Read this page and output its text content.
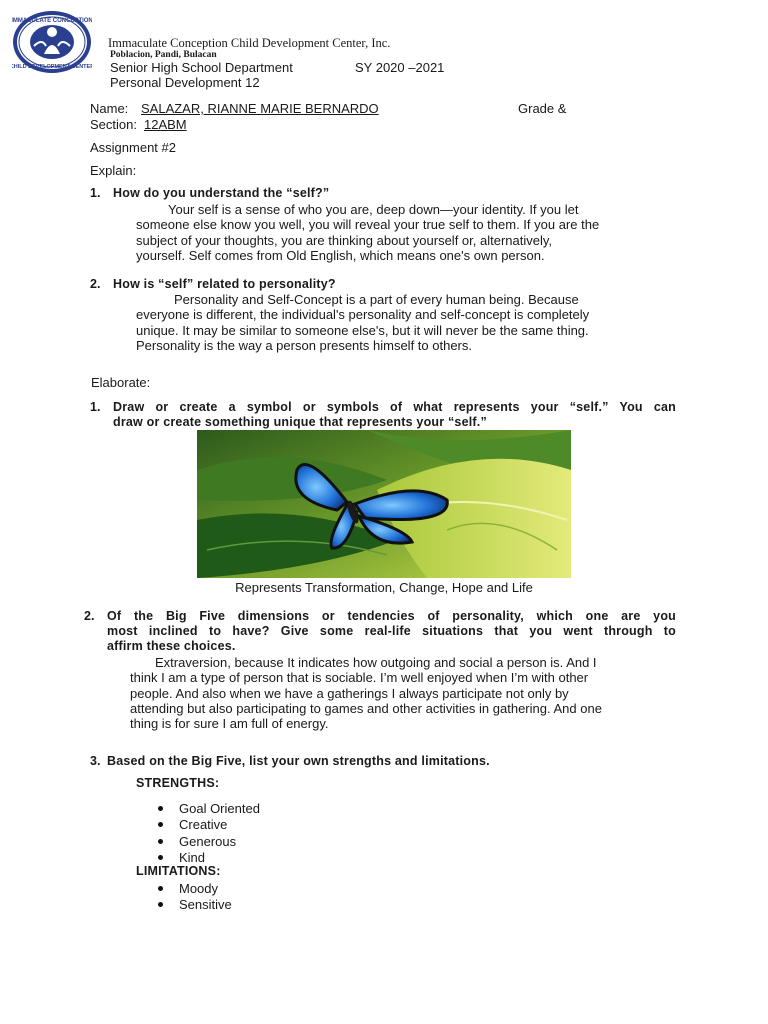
IMMACULATE CONCEPTION
CHILD DEVELOPMENT CENTER
Immaculate Conception Child Development Center, Inc.
Poblacion, Pandi, Bulacan
Senior High School Department	SY 2020 –2021
Personal Development 12
Name: SALAZAR, RIANNE MARIE BERNARDO	Grade &
Section: 12ABM
Assignment #2
Explain:
1. How do you understand the “self?”

Your self is a sense of who you are, deep down—your identity. If you let

someone else know you well, you will reveal your true self to them. If you are the

subject of your thoughts, you are thinking about yourself or, alternatively,

yourself. Self comes from Old English, which means one's own person.

2. How is “self” related to personality?

Personality and Self-Concept is a part of every human being. Because

everyone is different, the individual's personality and self-concept is completely

unique. It may be similar to someone else's, but it will never be the same thing.

Personality is the way a person presents himself to others.

Elaborate:
1. Draw or create a symbol or symbols of what represents your “self.” You can
draw or create something unique that represents your “self.”
Represents Transformation, Change, Hope and Life
2. Of the Big Five dimensions or tendencies of personality, which one are you
most inclined to have? Give some real-life situations that you went through to
affirm these choices.

Extraversion, because It indicates how outgoing and social a person is. And I

think I am a type of person that is sociable. I’m well enjoyed when I’m with other

people. And also when we have a gatherings I always participate not only by

attending but also participating to games and other activities in gathering. And one

thing is for sure I am full of energy.

3. Based on the Big Five, list your own strengths and limitations.
STRENGTHS:
Goal Oriented
Creative
Generous
Kind
LIMITATIONS:
Moody
Sensitive
